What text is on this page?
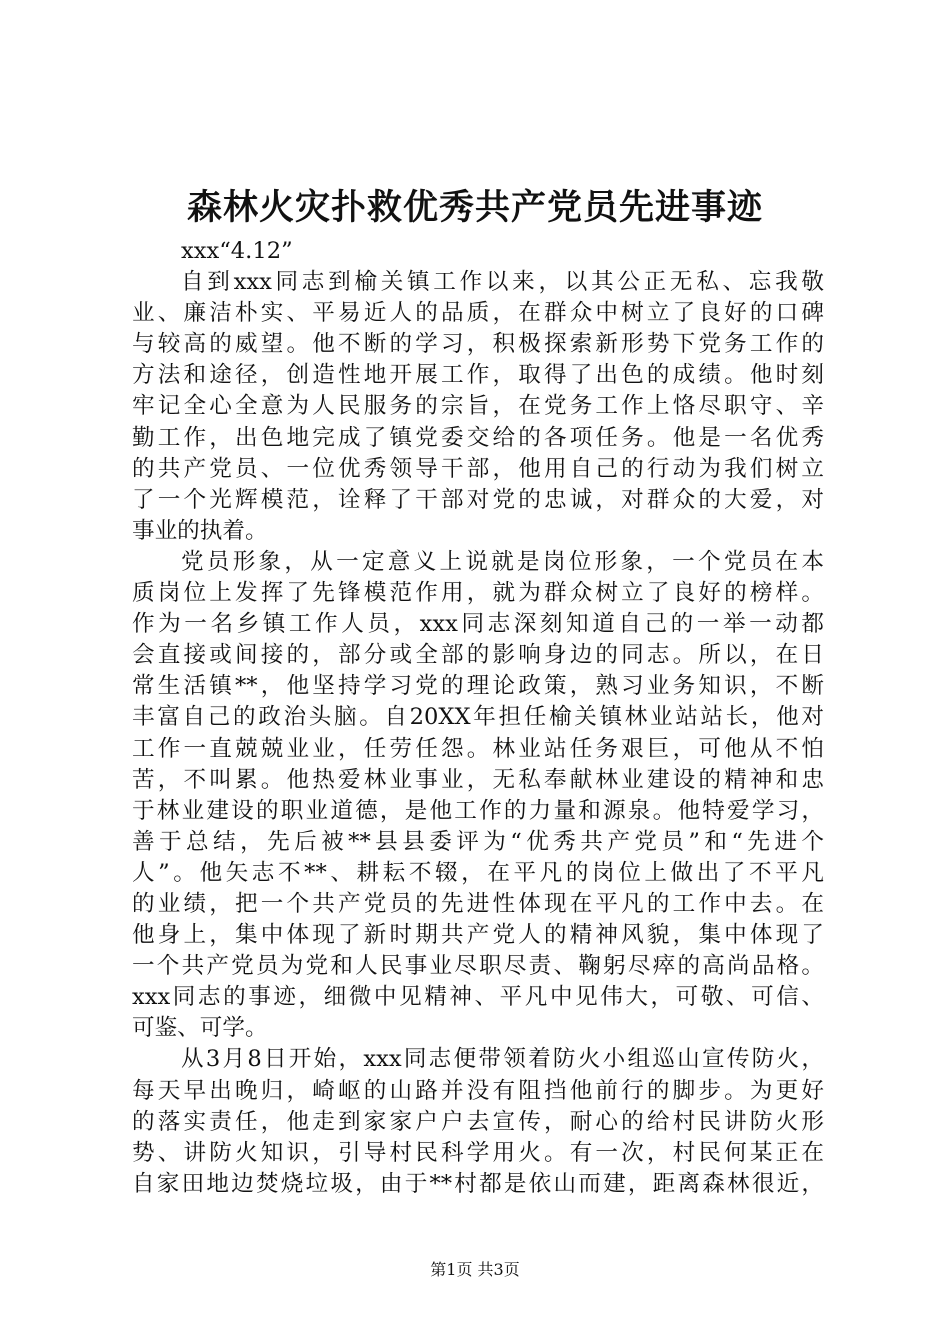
森林火灾扑救优秀共产党员先进事迹
xxx“4.12”
自到xxx同志到榆关镇工作以来，以其公正无私、忘我敬
业、廉洁朴实、平易近人的品质，在群众中树立了良好的口碑
与较高的威望。他不断的学习，积极探索新形势下党务工作的
方法和途径，创造性地开展工作，取得了出色的成绩。他时刻
牢记全心全意为人民服务的宗旨，在党务工作上恪尽职守、辛
勤工作，出色地完成了镇党委交给的各项任务。他是一名优秀
的共产党员、一位优秀领导干部，他用自己的行动为我们树立
了一个光辉模范，诠释了干部对党的忠诚，对群众的大爱，对
事业的执着。
党员形象，从一定意义上说就是岗位形象，一个党员在本
质岗位上发挥了先锋模范作用，就为群众树立了良好的榜样。
作为一名乡镇工作人员，xxx同志深刻知道自己的一举一动都
会直接或间接的，部分或全部的影响身边的同志。所以，在日
常生活镇**，他坚持学习党的理论政策，熟习业务知识，不断
丰富自己的政治头脑。自20XX年担任榆关镇林业站站长，他对
工作一直兢兢业业，任劳任怨。林业站任务艰巨，可他从不怕
苦，不叫累。他热爱林业事业，无私奉献林业建设的精神和忠
于林业建设的职业道德，是他工作的力量和源泉。他特爱学习，
善于总结，先后被**县县委评为“优秀共产党员”和“先进个
人”。他矢志不**、耕耘不辍，在平凡的岗位上做出了不平凡
的业绩，把一个共产党员的先进性体现在平凡的工作中去。在
他身上，集中体现了新时期共产党人的精神风貌，集中体现了
一个共产党员为党和人民事业尽职尽责、鞠躬尽瘁的高尚品格。
xxx同志的事迹，细微中见精神、平凡中见伟大，可敬、可信、
可鉴、可学。
从3月8日开始，xxx同志便带领着防火小组巡山宣传防火，
每天早出晚归，崎岖的山路并没有阻挡他前行的脚步。为更好
的落实责任，他走到家家户户去宣传，耐心的给村民讲防火形
势、讲防火知识，引导村民科学用火。有一次，村民何某正在
自家田地边焚烧垃圾，由于**村都是依山而建，距离森林很近，
第1页 共3页
